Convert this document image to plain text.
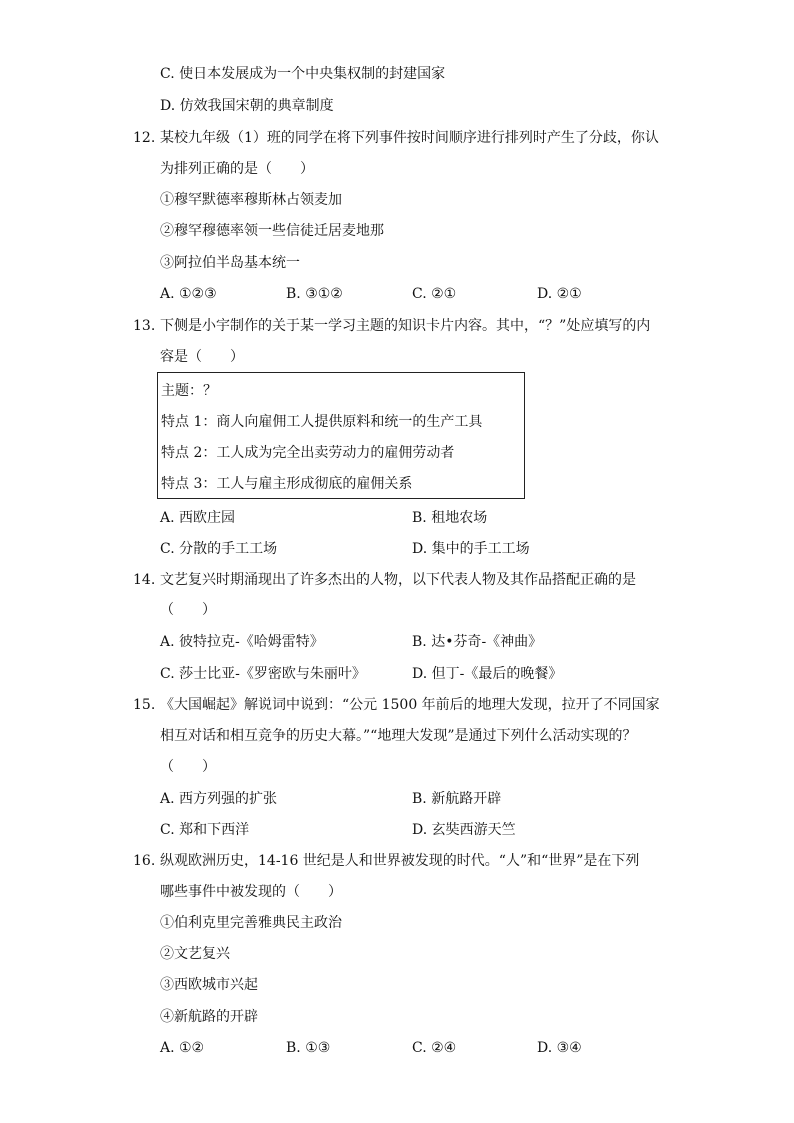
C. 使日本发展成为一个中央集权制的封建国家
D. 仿效我国宋朝的典章制度
12. 某校九年级（1）班的同学在将下列事件按时间顺序进行排列时产生了分歧，你认
为排列正确的是（　　）
①穆罕默德率穆斯林占领麦加
②穆罕穆德率领一些信徒迁居麦地那
③阿拉伯半岛基本统一
A. ①②③	B. ③①②	C. ②①	D. ②①
13. 下侧是小宇制作的关于某一学习主题的知识卡片内容。其中，“？”处应填写的内
容是（　　）
主题：？
特点 1：商人向雇佣工人提供原料和统一的生产工具
特点 2：工人成为完全出卖劳动力的雇佣劳动者
特点 3：工人与雇主形成彻底的雇佣关系
A. 西欧庄园	B. 租地农场
C. 分散的手工工场	D. 集中的手工工场
14. 文艺复兴时期涌现出了许多杰出的人物，以下代表人物及其作品搭配正确的是
（　　）
A. 彼特拉克-《哈姆雷特》	B. 达•芬奇-《神曲》
C. 莎士比亚-《罗密欧与朱丽叶》	D. 但丁-《最后的晚餐》
15. 《大国崛起》解说词中说到：“公元 1500 年前后的地理大发现，拉开了不同国家
相互对话和相互竞争的历史大幕。”“地理大发现”是通过下列什么活动实现的？
（　　）
A. 西方列强的扩张	B. 新航路开辟
C. 郑和下西洋	D. 玄奘西游天竺
16. 纵观欧洲历史，14-16 世纪是人和世界被发现的时代。“人”和“世界”是在下列
哪些事件中被发现的（　　）
①伯利克里完善雅典民主政治
②文艺复兴
③西欧城市兴起
④新航路的开辟
A. ①②	B. ①③	C. ②④	D. ③④
